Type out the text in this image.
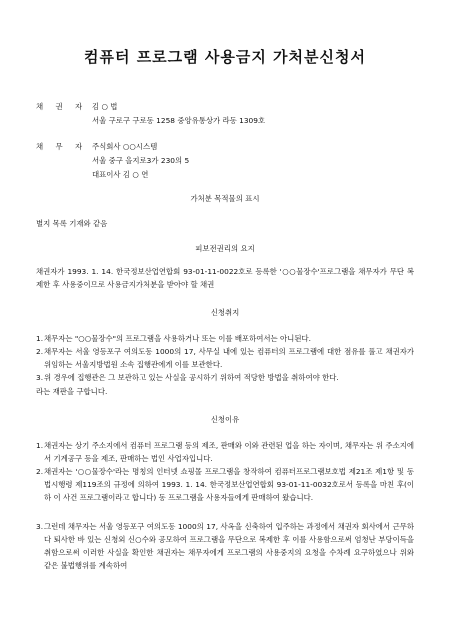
컴퓨터 프로그램 사용금지 가처분신청서
채 권 자 김 ○ 법
서울 구로구 구로동 1258 중앙유통상가 라동 1309호
채 무 자 주식회사 ○○시스템
서울 중구 을지로3가 230의 5
대표이사 김 ○ 연
가처분 목적물의 표시
별지 목록 기재와 같음
피보전권리의 요지
채권자가 1993. 1. 14. 한국정보산업연합회 93-01-11-0022호로 등록한 '○○물장수'프로그램을 채무자가 무단 복제한 후 사용중이므로 사용금지가처분을 받아야 할 채권
신청취지
1. 채무자는 "○○물장수"의 프로그램을 사용하거나 또는 이를 배포하여서는 아니된다.
2. 채무자는 서울 영등포구 여의도동 1000의 17, 사무실 내에 있는 컴퓨터의 프로그램에 대한 점유를 풀고 채권자가 위임하는 서울지방법원 소속 집행관에게 이를 보관한다.
3. 위 경우에 집행관은 그 보관하고 있는 사실을 공시하기 위하여 적당한 방법을 취하여야 한다.
라는 재판을 구합니다.
신청이유
1. 채권자는 상기 주소지에서 컴퓨터 프로그램 등의 제조, 판매와 이와 관련된 업을 하는 자이며, 채무자는 위 주소지에서 기계공구 등을 제조, 판매하는 법인 사업자입니다.
2. 채권자는 '○○물장수'라는 명칭의 인터넷 쇼핑몰 프로그램을 창작하여 컴퓨터프로그램보호법 제21조 제1항 및 동법시행령 제119조의 규정에 의하여 1993. 1. 14. 한국정보산업연합회 93-01-11-0032호로서 등록을 마친 후(이하 이 사건 프로그램이라고 합니다) 동 프로그램을 사용자들에게 판매하여 왔습니다.
3. 그런데 채무자는 서울 영등포구 여의도동 1000의 17, 사옥을 신축하여 입주하는 과정에서 채권자 회사에서 근무하다 퇴사한 바 있는 신청외 신○수와 공모하여 프로그램을 무단으로 복제한 후 이를 사용함으로써 엄청난 부당이득을 취함으로써 이러한 사실을 확인한 채권자는 채무자에게 프로그램의 사용중지의 요청을 수차례 요구하였으나 위와 같은 불법행위를 계속하여
